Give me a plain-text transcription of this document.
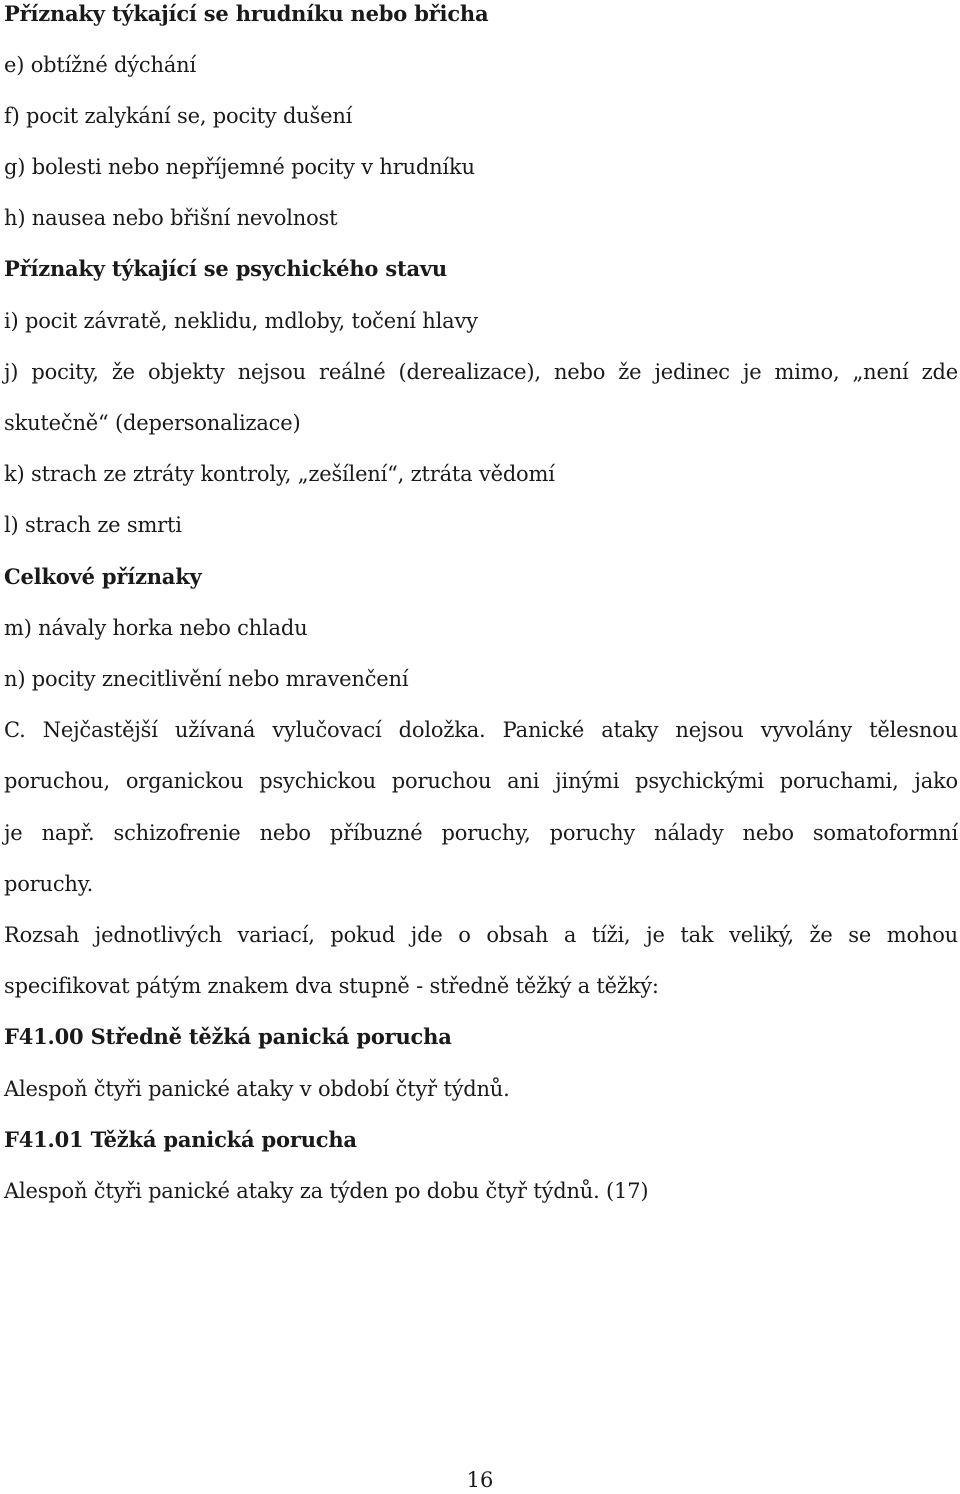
Příznaky týkající se hrudníku nebo břicha
e) obtížné dýchání
f) pocit zalykání se, pocity dušení
g) bolesti nebo nepříjemné pocity v hrudníku
h) nausea nebo břišní nevolnost
Příznaky týkající se psychického stavu
i) pocit závratě, neklidu, mdloby, točení hlavy
j) pocity, že objekty nejsou reálné (derealizace), nebo že jedinec je mimo, „není zde
skutečně“ (depersonalizace)
k) strach ze ztráty kontroly, „zešílení“, ztráta vědomí
l) strach ze smrti
Celkové příznaky
m) návaly horka nebo chladu
n) pocity znecitlivění nebo mravenčení
C. Nejčastější užívaná vylučovací doložka. Panické ataky nejsou vyvolány tělesnou
poruchou, organickou psychickou poruchou ani jinými psychickými poruchami, jako
je např. schizofrenie nebo příbuzné poruchy, poruchy nálady nebo somatoformní
poruchy.
Rozsah jednotlivých variací, pokud jde o obsah a tíži, je tak veliký, že se mohou
specifikovat pátým znakem dva stupně - středně těžký a těžký:
F41.00 Středně těžká panická porucha
Alespoň čtyři panické ataky v období čtyř týdnů.
F41.01 Těžká panická porucha
Alespoň čtyři panické ataky za týden po dobu čtyř týdnů. (17)
16
